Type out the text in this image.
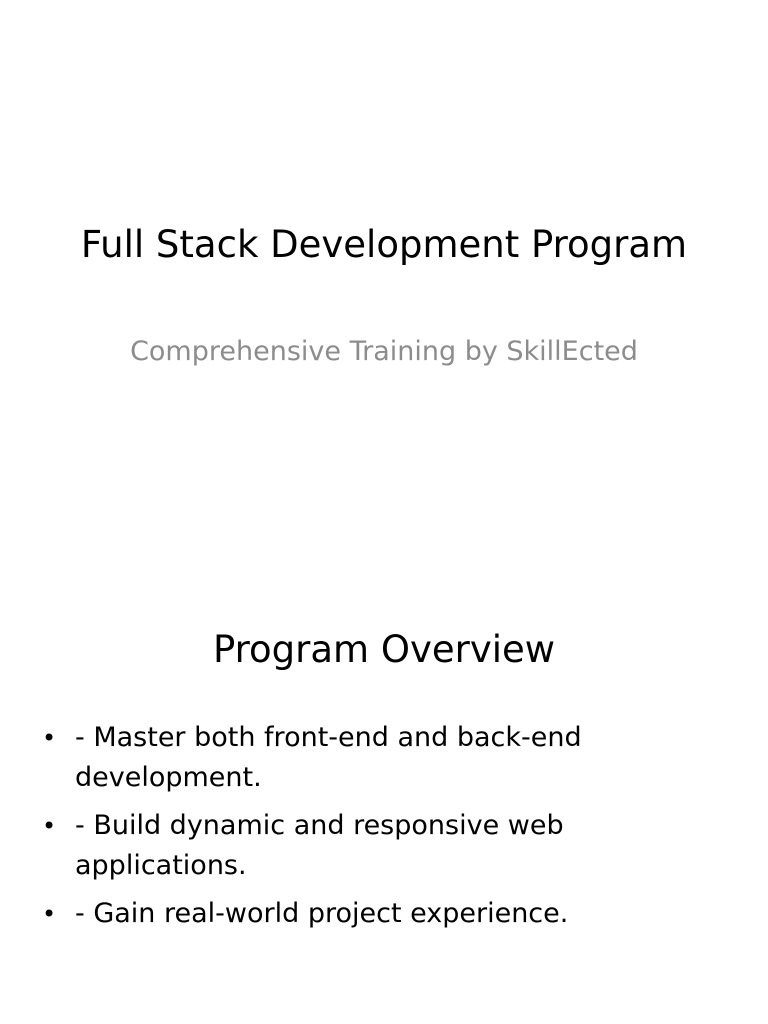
Full Stack Development Program

Comprehensive Training by SkillEcted

Program Overview
• - Master both front-end and back-end development.
• - Build dynamic and responsive web applications.
• - Gain real-world project experience.
